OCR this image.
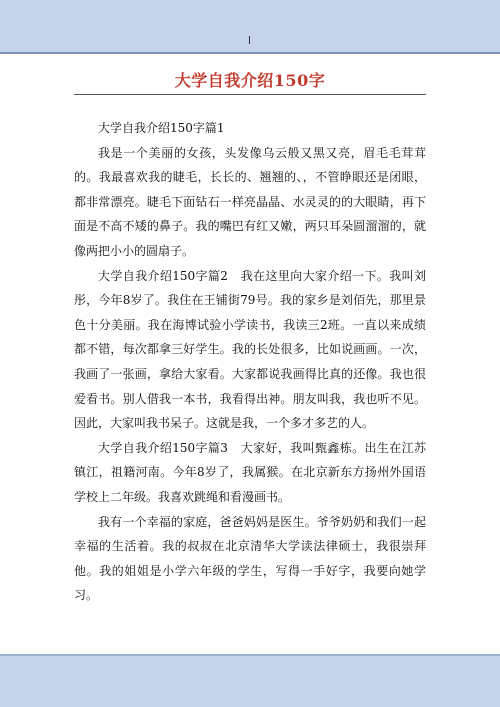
大学自我介绍150字

大学自我介绍150字篇1

我是一个美丽的女孩，头发像乌云般又黑又亮，眉毛毛茸茸的。我最喜欢我的睫毛，长长的、翘翘的、，不管睁眼还是闭眼，都非常漂亮。睫毛下面钻石一样亮晶晶、水灵灵的的大眼睛，再下面是不高不矮的鼻子。我的嘴巴有红又嫩，两只耳朵圆溜溜的，就像两把小小的圆扇子。

大学自我介绍150字篇2　我在这里向大家介绍一下。我叫刘彤，今年8岁了。我住在王铺街79号。我的家乡是刘佰先，那里景色十分美丽。我在海博试验小学读书，我读三2班。一直以来成绩都不错，每次都拿三好学生。我的长处很多，比如说画画。一次，我画了一张画，拿给大家看。大家都说我画得比真的还像。我也很爱看书。别人借我一本书，我看得出神。朋友叫我，我也听不见。因此，大家叫我书呆子。这就是我，一个多才多艺的人。

大学自我介绍150字篇3　大家好，我叫甄鑫栋。出生在江苏镇江，祖籍河南。今年8岁了，我属猴。在北京新东方扬州外国语学校上二年级。我喜欢跳绳和看漫画书。

我有一个幸福的家庭，爸爸妈妈是医生。爷爷奶奶和我们一起幸福的生活着。我的叔叔在北京清华大学读法律硕士，我很崇拜他。我的姐姐是小学六年级的学生，写得一手好字，我要向她学习。
